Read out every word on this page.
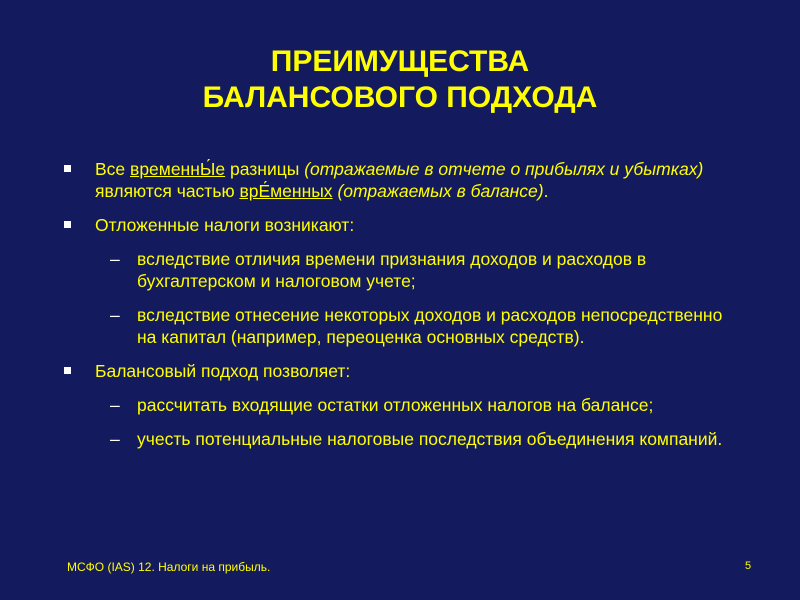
ПРЕИМУЩЕСТВА
БАЛАНСОВОГО ПОДХОДА
Все временнЫ́е разницы (отражаемые в отчете о прибылях и убытках) являются частью врЕ́менных (отражаемых в балансе).
Отложенные налоги возникают:
– вследствие отличия времени признания доходов и расходов в бухгалтерском и налоговом учете;
– вследствие отнесение некоторых доходов и расходов непосредственно на капитал (например, переоценка основных средств).
Балансовый подход позволяет:
– рассчитать входящие остатки отложенных налогов на балансе;
– учесть потенциальные налоговые последствия объединения компаний.
МСФО (IAS) 12. Налоги на прибыль.	5
